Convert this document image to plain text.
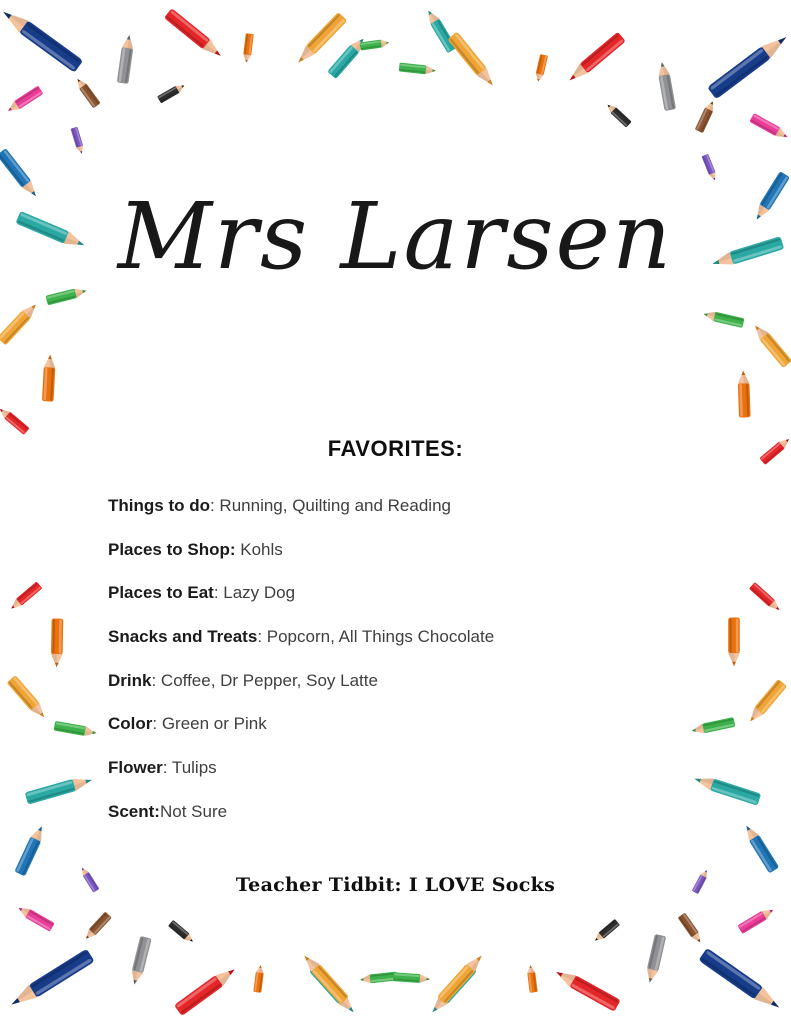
Mrs Larsen
FAVORITES:
Things to do: Running, Quilting and Reading
Places to Shop: Kohls
Places to Eat: Lazy Dog
Snacks and Treats: Popcorn, All Things Chocolate
Drink: Coffee, Dr Pepper, Soy Latte
Color: Green or Pink
Flower: Tulips
Scent:Not Sure
Teacher Tidbit: I LOVE Socks
